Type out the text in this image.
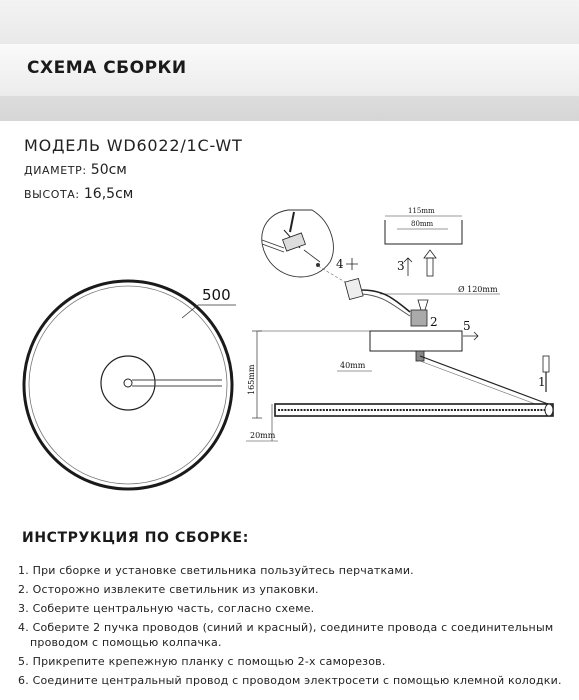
СХЕМА СБОРКИ
МОДЕЛЬ WD6022/1C-WT
ДИАМЕТР: 50см
ВЫСОТА: 16,5см
500
4
115mm
80mm
3
Ø 120mm
2 5
1
165mm	40mm
20mm
ИНСТРУКЦИЯ ПО СБОРКЕ:
1. При сборке и установке светильника пользуйтесь перчатками.
2. Осторожно извлеките светильник из упаковки.
3. Соберите центральную часть, согласно схеме.
4. Соберите 2 пучка проводов (синий и красный), соедините провода с соединительным
проводом с помощью колпачка.
5. Прикрепите крепежную планку с помощью 2-х саморезов.
6. Соедините центральный провод с проводом электросети с помощью клемной колодки.
